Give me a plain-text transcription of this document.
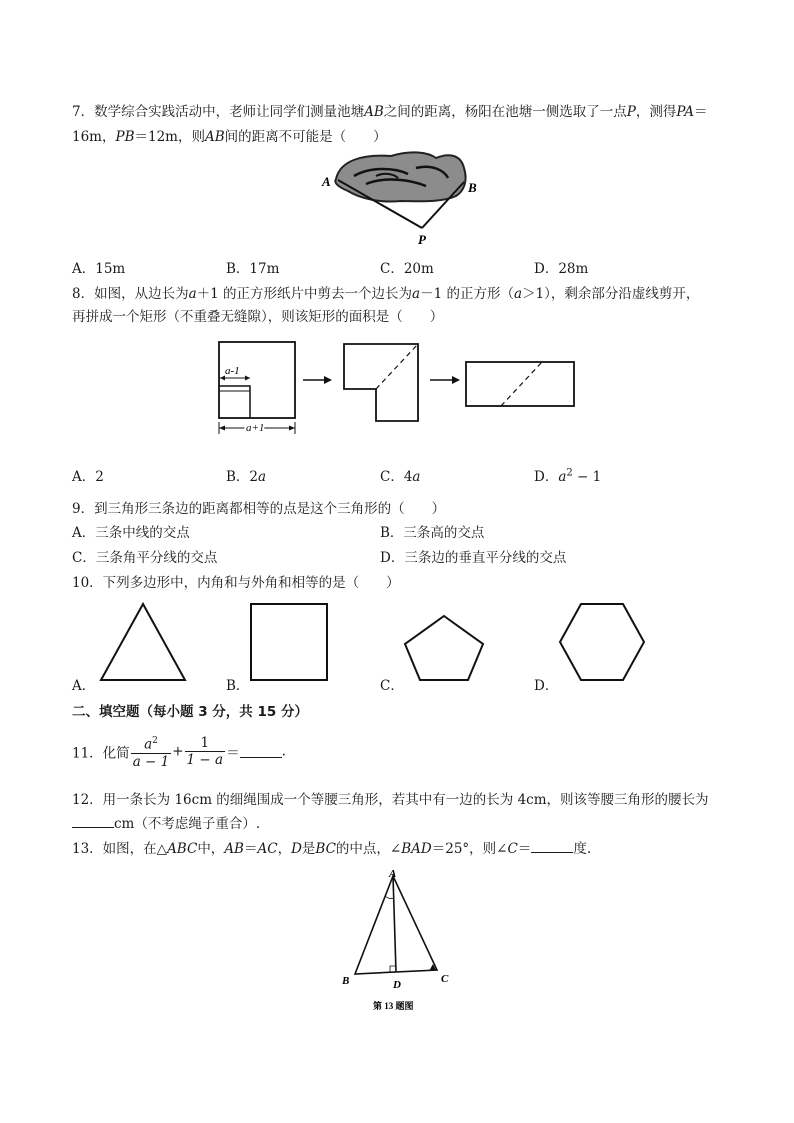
7．数学综合实践活动中，老师让同学们测量池塘AB之间的距离，杨阳在池塘一侧选取了一点P，测得PA＝
16m，PB＝12m，则AB间的距离不可能是（　　）
A	B
P
A．15m	B．17m	C．20m	D．28m
8．如图，从边长为a＋1 的正方形纸片中剪去一个边长为a－1 的正方形（a＞1），剩余部分沿虚线剪开，
再拼成一个矩形（不重叠无缝隙），则该矩形的面积是（　　）
a-1
a+1
A．2	B．2a	C．4a	D．$a^2 - 1$
9．到三角形三条边的距离都相等的点是这个三角形的（　　）
A．三条中线的交点	B．三条高的交点
C．三条角平分线的交点	D．三条边的垂直平分线的交点
10．下列多边形中，内角和与外角和相等的是（　　）
A．	B．	C．	D．
二、填空题（每小题 3 分，共 15 分）
11．化简 $\frac{a^2}{a - 1} + \frac{1}{1 - a}$ ＝	.
12．用一条长为 16cm 的细绳围成一个等腰三角形，若其中有一边的长为 4cm，则该等腰三角形的腰长为
cm（不考虑绳子重合）.
13．如图，在△ABC中，AB＝AC，D是BC的中点，∠BAD＝25°，则∠C＝	度.
A
B	C
D
第 13 题图
